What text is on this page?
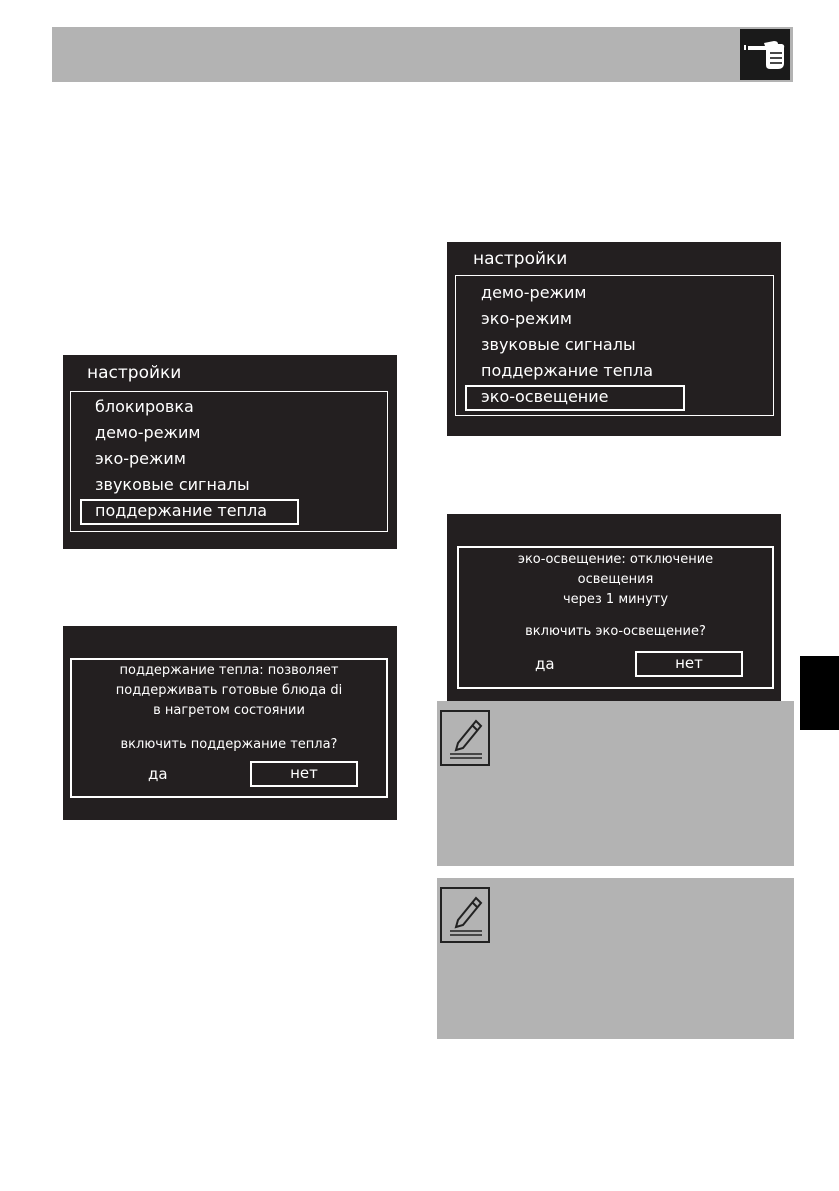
настройки
блокировка
демо-режим
эко-режим
звуковые сигналы
поддержание тепла
поддержание тепла: позволяет
поддерживать готовые блюда di
в нагретом состоянии
включить поддержание тепла?
да	нет
настройки
демо-режим
эко-режим
звуковые сигналы
поддержание тепла
эко-освещение
эко-освещение: отключение
освещения
через 1 минуту
включить эко-освещение?
да	нет
